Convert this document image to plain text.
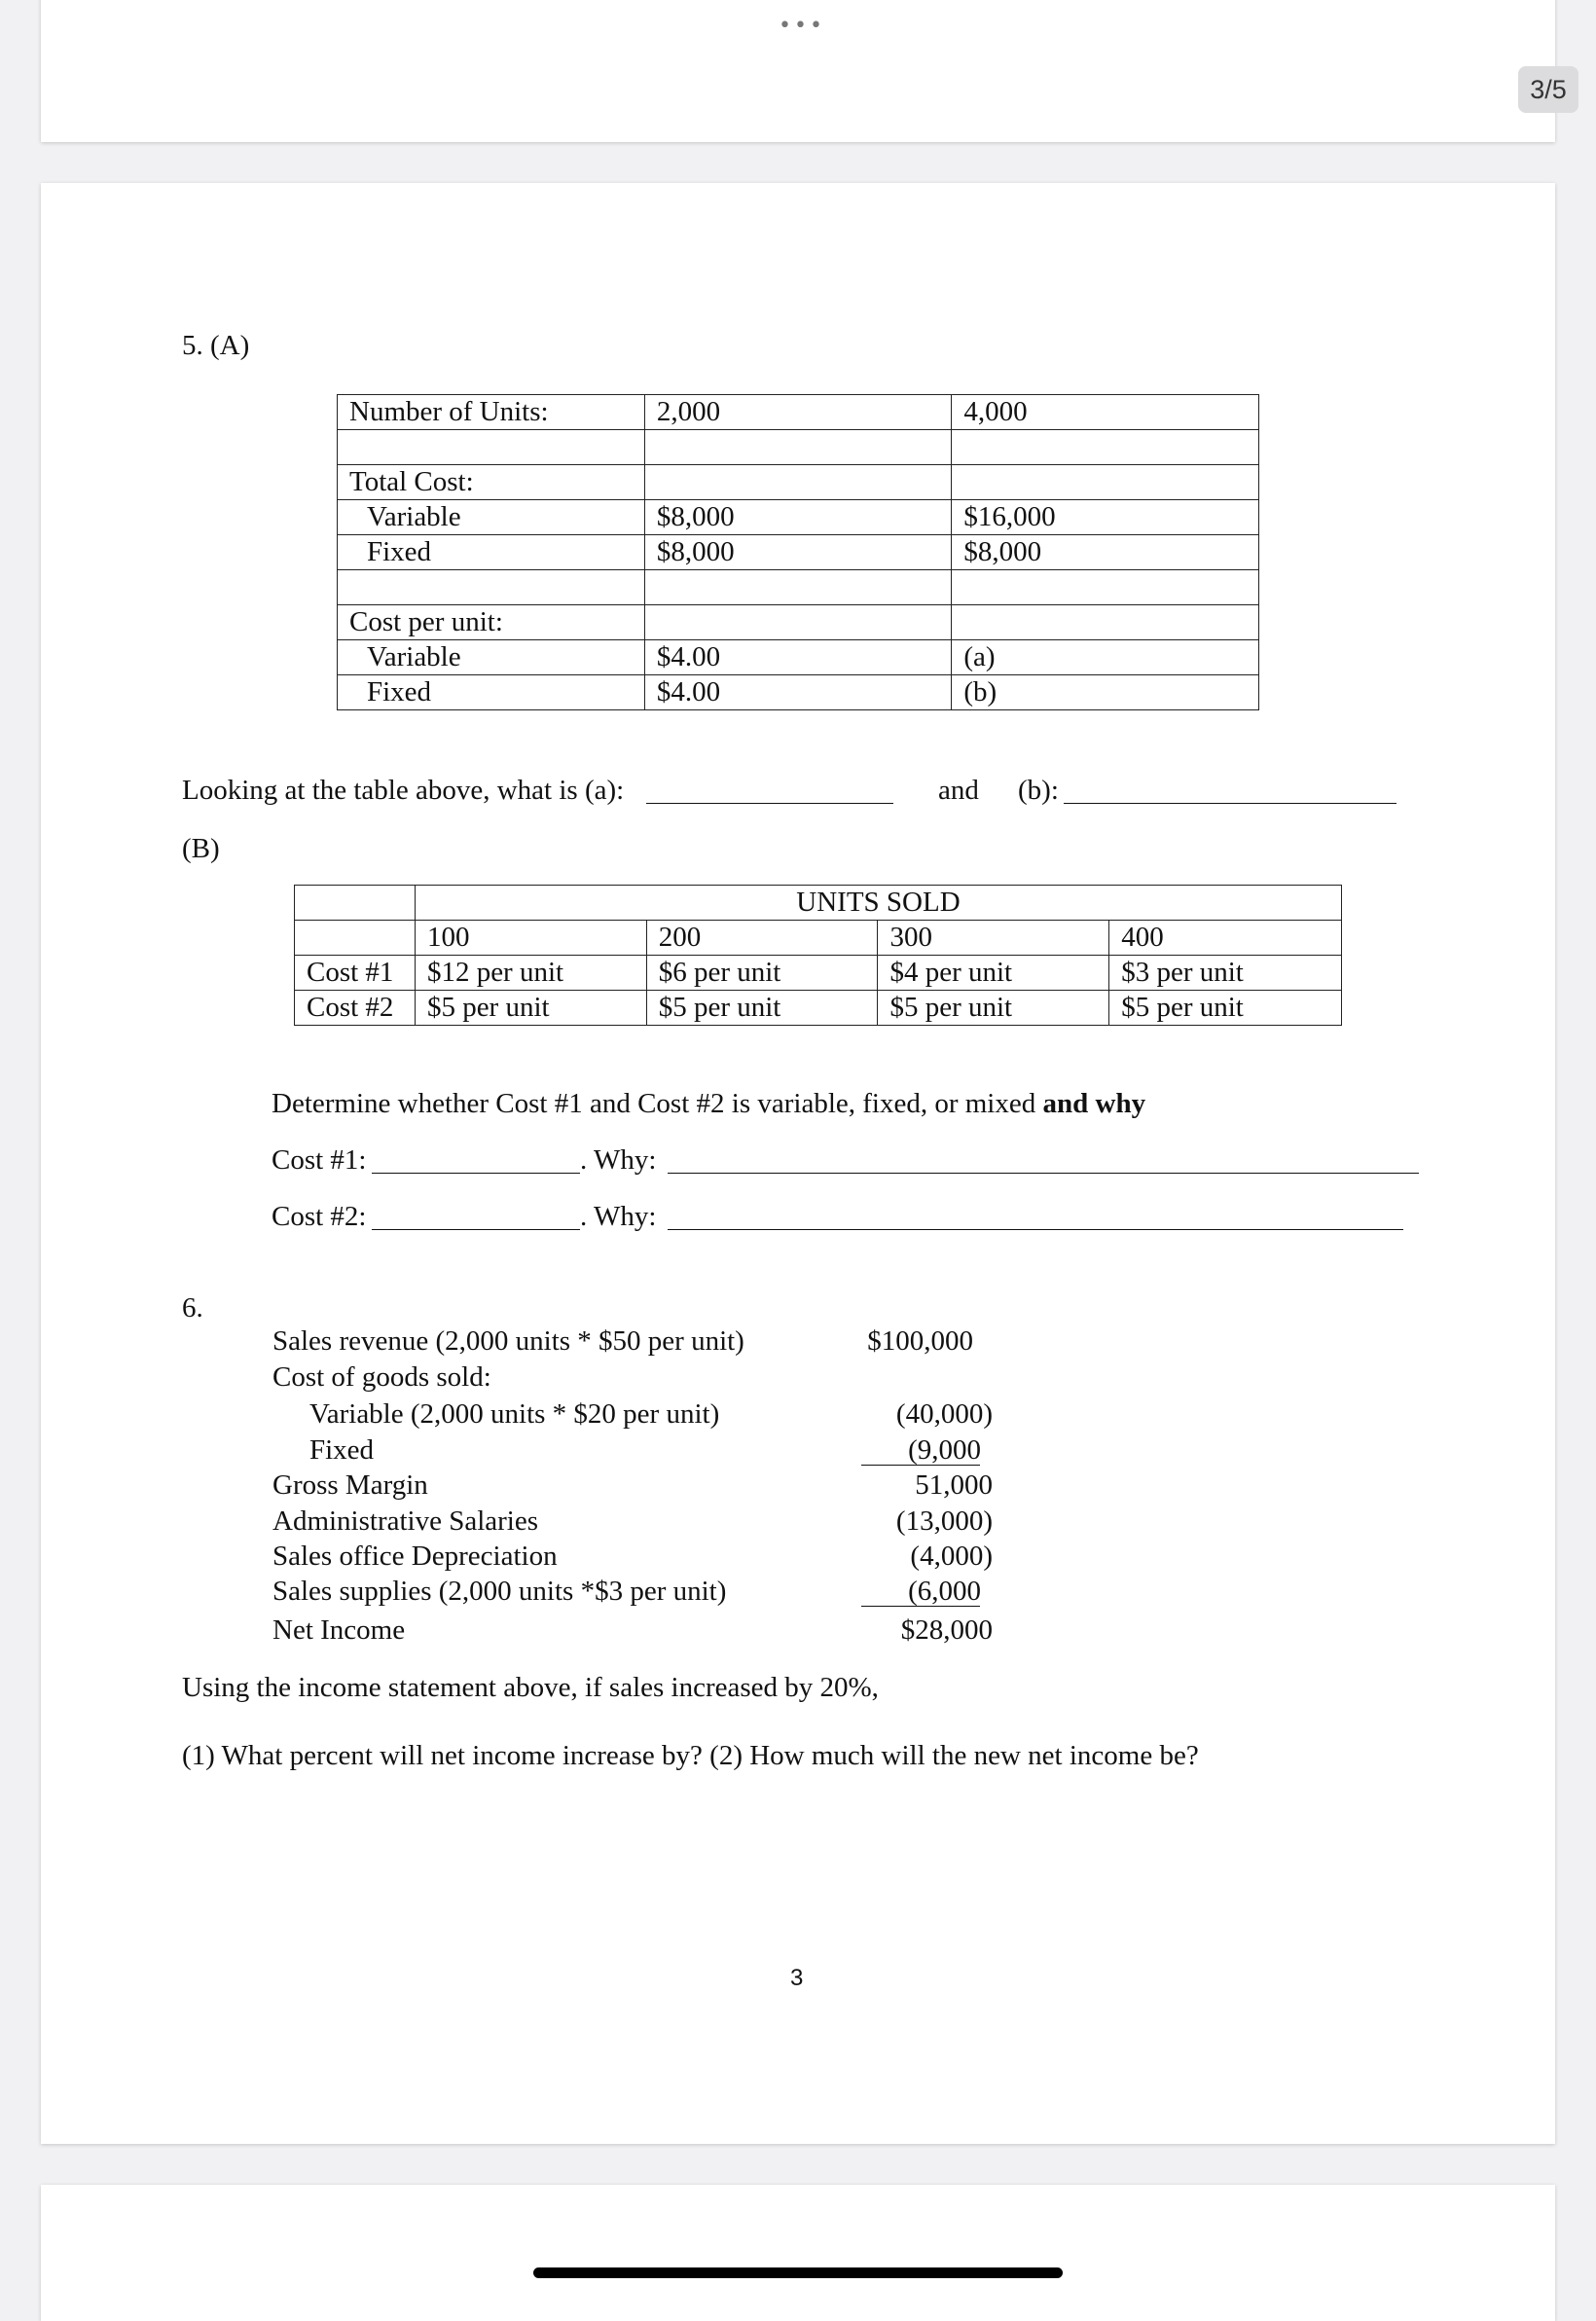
•••
3/5
5. (A)
Number of Units:	2,000	4,000

Total Cost:		
Variable	$8,000	$16,000
Fixed	$8,000	$8,000

Cost per unit:		
Variable	$4.00	(a)
Fixed	$4.00	(b)
Looking at the table above, what is (a):	and (b):
(B)
	UNITS SOLD			
	100	200	300	400
Cost #1	$12 per unit	$6 per unit	$4 per unit	$3 per unit
Cost #2	$5 per unit	$5 per unit	$5 per unit	$5 per unit
Determine whether Cost #1 and Cost #2 is variable, fixed, or mixed and why
Cost #1:	. Why:
Cost #2:	. Why:
6.
Sales revenue (2,000 units * $50 per unit)	$100,000
Cost of goods sold:
Variable (2,000 units * $20 per unit)	(40,000)
Fixed	(9,000
Gross Margin	51,000
Administrative Salaries	(13,000)
Sales office Depreciation	(4,000)
Sales supplies (2,000 units *$3 per unit)	(6,000
Net Income	$28,000
Using the income statement above, if sales increased by 20%,
(1) What percent will net income increase by? (2) How much will the new net income be?
3
